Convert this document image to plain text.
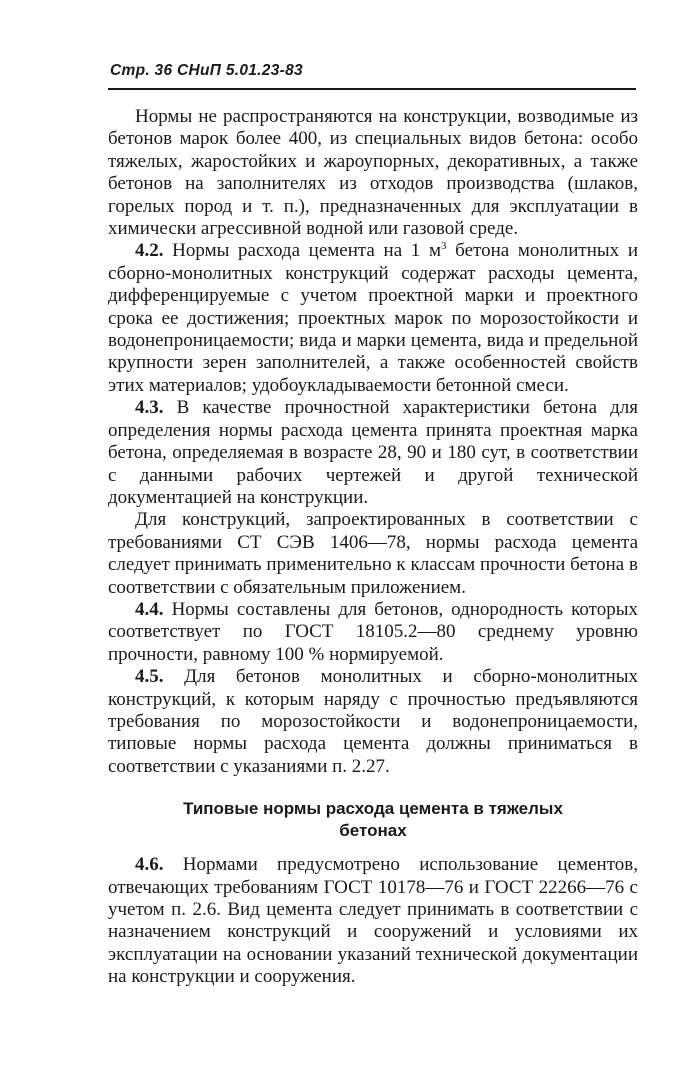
Стр. 36 СНиП 5.01.23-83

Нормы не распространяются на конструкции, возводимые из бетонов марок более 400, из специальных видов бетона: особо тяжелых, жаростойких и жароупорных, декоративных, а также бетонов на заполнителях из отходов производства (шлаков, горелых пород и т. п.), предназначенных для эксплуатации в химически агрессивной водной или газовой среде.

4.2. Нормы расхода цемента на 1 $м^3$ бетона монолитных и сборно-монолитных конструкций содержат расходы цемента, дифференцируемые с учетом проектной марки и проектного срока ее достижения; проектных марок по морозостойкости и водонепроницаемости; вида и марки цемента, вида и предельной крупности зерен заполнителей, а также особенностей свойств этих материалов; удобоукладываемости бетонной смеси.

4.3. В качестве прочностной характеристики бетона для определения нормы расхода цемента принята проектная марка бетона, определяемая в возрасте 28, 90 и 180 сут, в соответствии с данными рабочих чертежей и другой технической документацией на конструкции.

Для конструкций, запроектированных в соответствии с требованиями СТ СЭВ 1406—78, нормы расхода цемента следует принимать применительно к классам прочности бетона в соответствии с обязательным приложением.

4.4. Нормы составлены для бетонов, однородность которых соответствует по ГОСТ 18105.2—80 среднему уровню прочности, равному 100 % нормируемой.

4.5. Для бетонов монолитных и сборно-монолитных конструкций, к которым наряду с прочностью предъявляются требования по морозостойкости и водонепроницаемости, типовые нормы расхода цемента должны приниматься в соответствии с указаниями п. 2.27.

Типовые нормы расхода цемента в тяжелых
бетонах

4.6. Нормами предусмотрено использование цементов, отвечающих требованиям ГОСТ 10178—76 и ГОСТ 22266—76 с учетом п. 2.6. Вид цемента следует принимать в соответствии с назначением конструкций и сооружений и условиями их эксплуатации на основании указаний технической документации на конструкции и сооружения.
